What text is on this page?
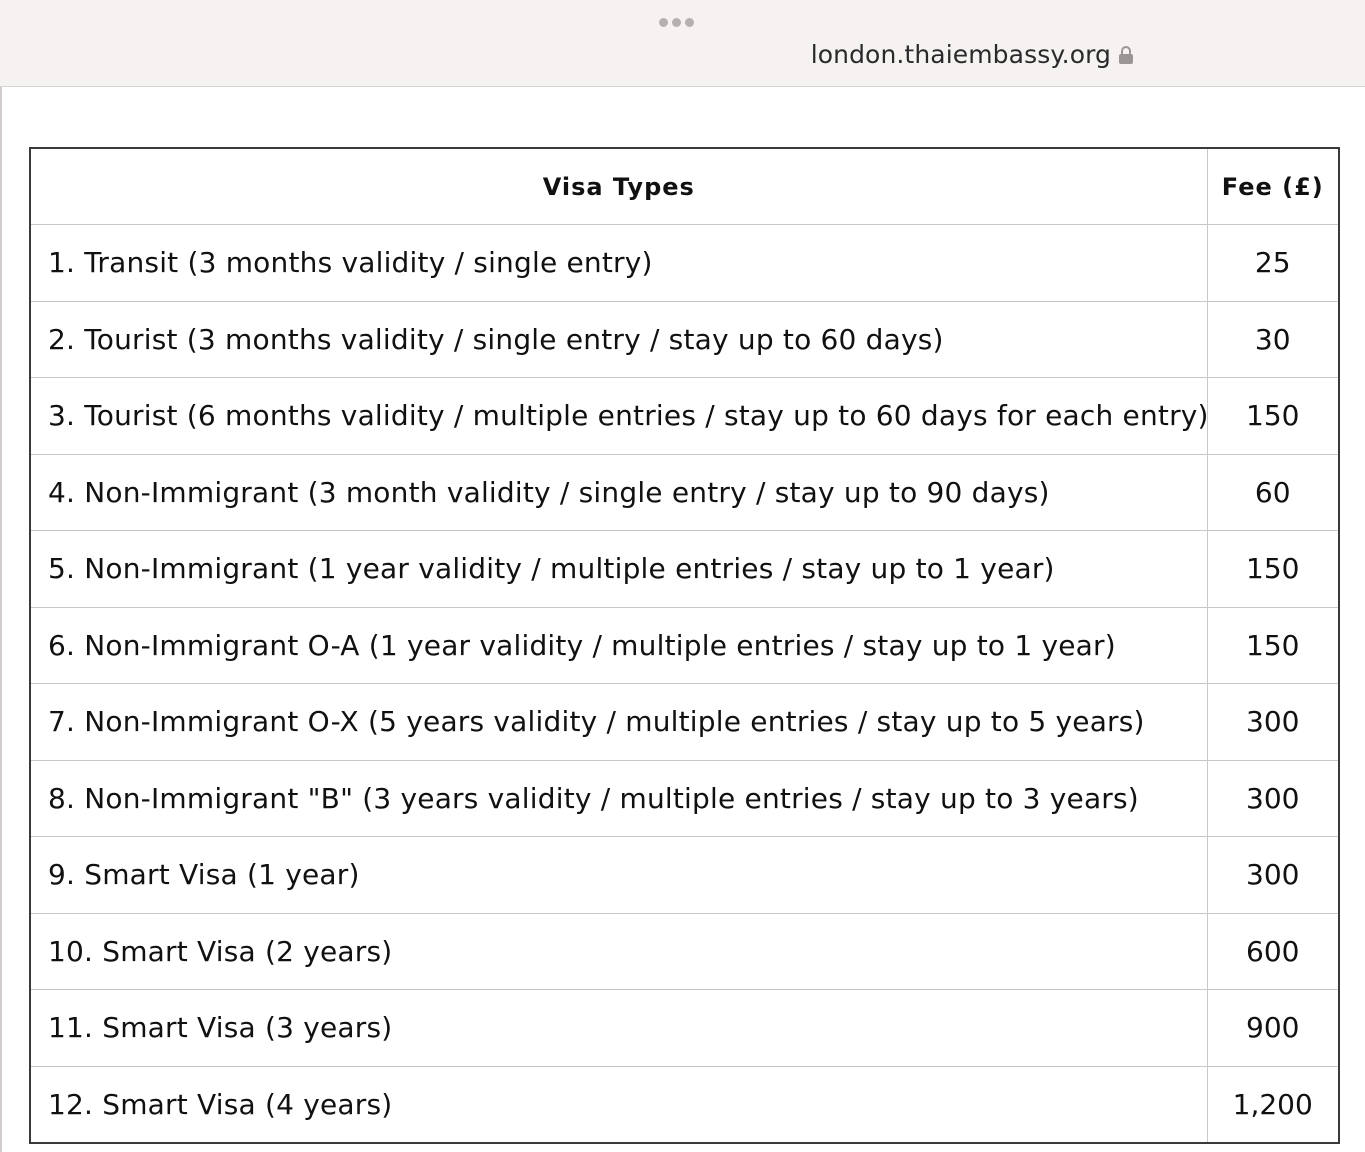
london.thaiembassy.org
Visa Types	Fee (£)
1. Transit (3 months validity / single entry)	25
2. Tourist (3 months validity / single entry / stay up to 60 days)	30
3. Tourist (6 months validity / multiple entries / stay up to 60 days for each entry)	150
4. Non-Immigrant (3 month validity / single entry / stay up to 90 days)	60
5. Non-Immigrant (1 year validity / multiple entries / stay up to 1 year)	150
6. Non-Immigrant O-A (1 year validity / multiple entries / stay up to 1 year)	150
7. Non-Immigrant O-X (5 years validity / multiple entries / stay up to 5 years)	300
8. Non-Immigrant "B" (3 years validity / multiple entries / stay up to 3 years)	300
9. Smart Visa (1 year)	300
10. Smart Visa (2 years)	600
11. Smart Visa (3 years)	900
12. Smart Visa (4 years)	1,200
